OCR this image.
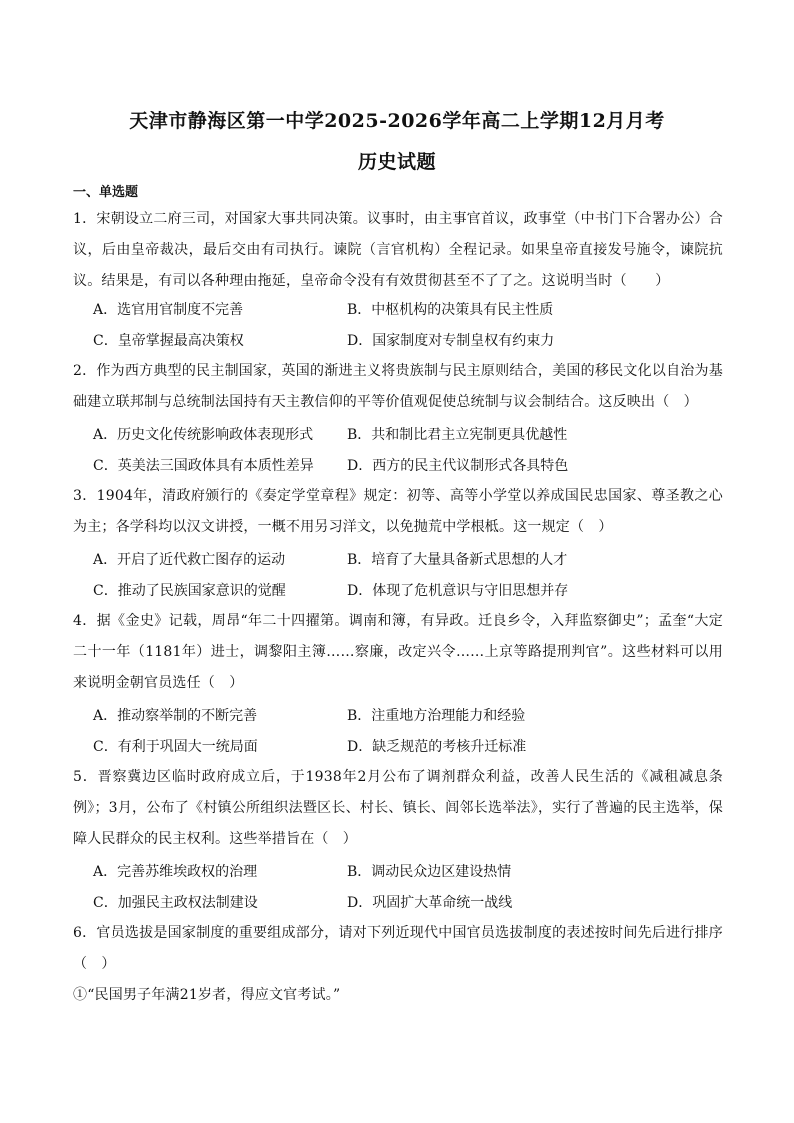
天津市静海区第一中学2025-2026学年高二上学期12月月考
历史试题
一、单选题
1．宋朝设立二府三司，对国家大事共同决策。议事时，由主事官首议，政事堂（中书门下合署办公）合议，后由皇帝裁决，最后交由有司执行。谏院（言官机构）全程记录。如果皇帝直接发号施令，谏院抗议。结果是，有司以各种理由拖延，皇帝命令没有有效贯彻甚至不了了之。这说明当时（　　）
A．选官用官制度不完善	B．中枢机构的决策具有民主性质
C．皇帝掌握最高决策权	D．国家制度对专制皇权有约束力
2．作为西方典型的民主制国家，英国的渐进主义将贵族制与民主原则结合，美国的移民文化以自治为基础建立联邦制与总统制法国持有天主教信仰的平等价值观促使总统制与议会制结合。这反映出（　）
A．历史文化传统影响政体表现形式 B．共和制比君主立宪制更具优越性
C．英美法三国政体具有本质性差异 D．西方的民主代议制形式各具特色
3．1904年，清政府颁行的《奏定学堂章程》规定：初等、高等小学堂以养成国民忠国家、尊圣教之心为主；各学科均以汉文讲授，一概不用另习洋文，以免抛荒中学根柢。这一规定（　）
A．开启了近代救亡图存的运动	B．培育了大量具备新式思想的人才
C．推动了民族国家意识的觉醒	D．体现了危机意识与守旧思想并存
4．据《金史》记载，周昂“年二十四擢第。调南和簿，有异政。迁良乡令，入拜监察御史”；孟奎“大定二十一年（1181年）进士，调黎阳主簿……察廉，改定兴令……上京等路提刑判官”。这些材料可以用来说明金朝官员选任（　）
A．推动察举制的不断完善	B．注重地方治理能力和经验
C．有利于巩固大一统局面	D．缺乏规范的考核升迁标准
5．晋察冀边区临时政府成立后，于1938年2月公布了调剂群众利益，改善人民生活的《减租减息条例》；3月，公布了《村镇公所组织法暨区长、村长、镇长、闾邻长选举法》，实行了普遍的民主选举，保障人民群众的民主权利。这些举措旨在（　）
A．完善苏维埃政权的治理	B．调动民众边区建设热情
C．加强民主政权法制建设	D．巩固扩大革命统一战线
6．官员选拔是国家制度的重要组成部分，请对下列近现代中国官员选拔制度的表述按时间先后进行排序（　）
①“民国男子年满21岁者，得应文官考试。”
